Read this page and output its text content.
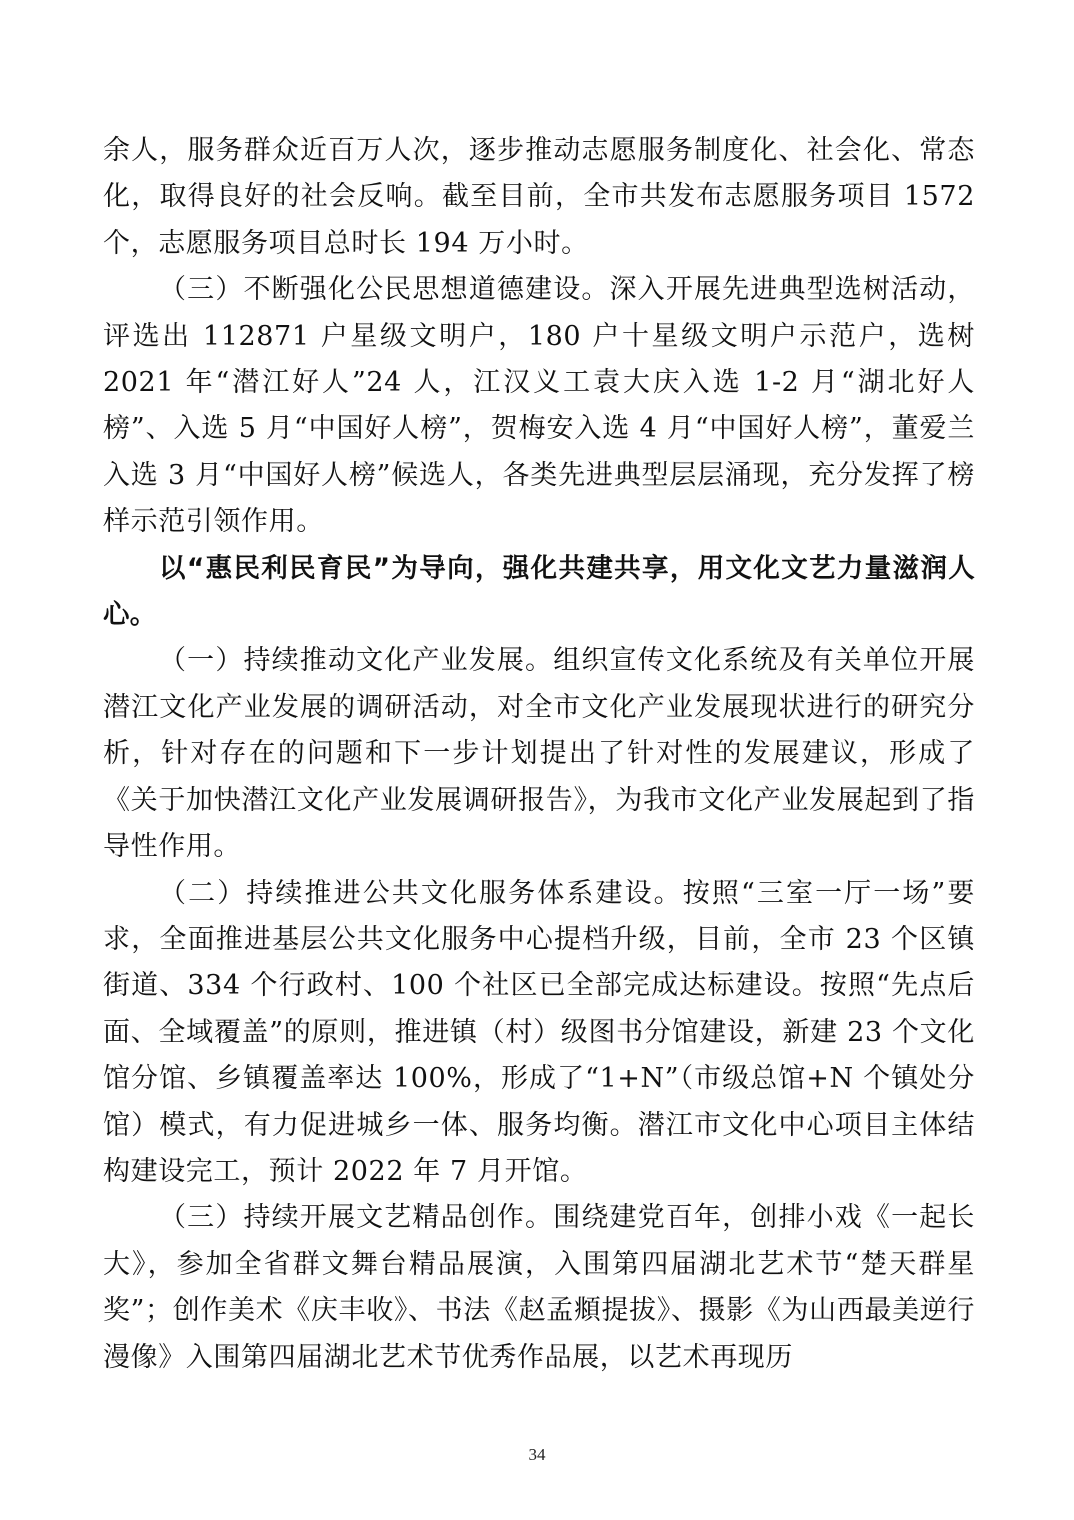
余人，服务群众近百万人次，逐步推动志愿服务制度化、社会化、常态化，取得良好的社会反响。截至目前，全市共发布志愿服务项目 1572 个，志愿服务项目总时长 194 万小时。

（三）不断强化公民思想道德建设。深入开展先进典型选树活动，评选出 112871 户星级文明户，180 户十星级文明户示范户，选树 2021 年“潜江好人”24 人，江汉义工袁大庆入选 1-2 月“湖北好人榜”、入选 5 月“中国好人榜”，贺梅安入选 4 月“中国好人榜”，董爱兰入选 3 月“中国好人榜”候选人，各类先进典型层层涌现，充分发挥了榜样示范引领作用。

以“惠民利民育民”为导向，强化共建共享，用文化文艺力量滋润人心。

（一）持续推动文化产业发展。组织宣传文化系统及有关单位开展潜江文化产业发展的调研活动，对全市文化产业发展现状进行的研究分析，针对存在的问题和下一步计划提出了针对性的发展建议，形成了《关于加快潜江文化产业发展调研报告》，为我市文化产业发展起到了指导性作用。

（二）持续推进公共文化服务体系建设。按照“三室一厅一场”要求，全面推进基层公共文化服务中心提档升级，目前，全市 23 个区镇街道、334 个行政村、100 个社区已全部完成达标建设。按照“先点后面、全域覆盖”的原则，推进镇（村）级图书分馆建设，新建 23 个文化馆分馆、乡镇覆盖率达 100%，形成了“1+N”（市级总馆+N 个镇处分馆）模式，有力促进城乡一体、服务均衡。潜江市文化中心项目主体结构建设完工，预计 2022 年 7 月开馆。

（三）持续开展文艺精品创作。围绕建党百年，创排小戏《一起长大》，参加全省群文舞台精品展演，入围第四届湖北艺术节“楚天群星奖”；创作美术《庆丰收》、书法《赵孟頫提拔》、摄影《为山西最美逆行漫像》入围第四届湖北艺术节优秀作品展，以艺术再现历

34
